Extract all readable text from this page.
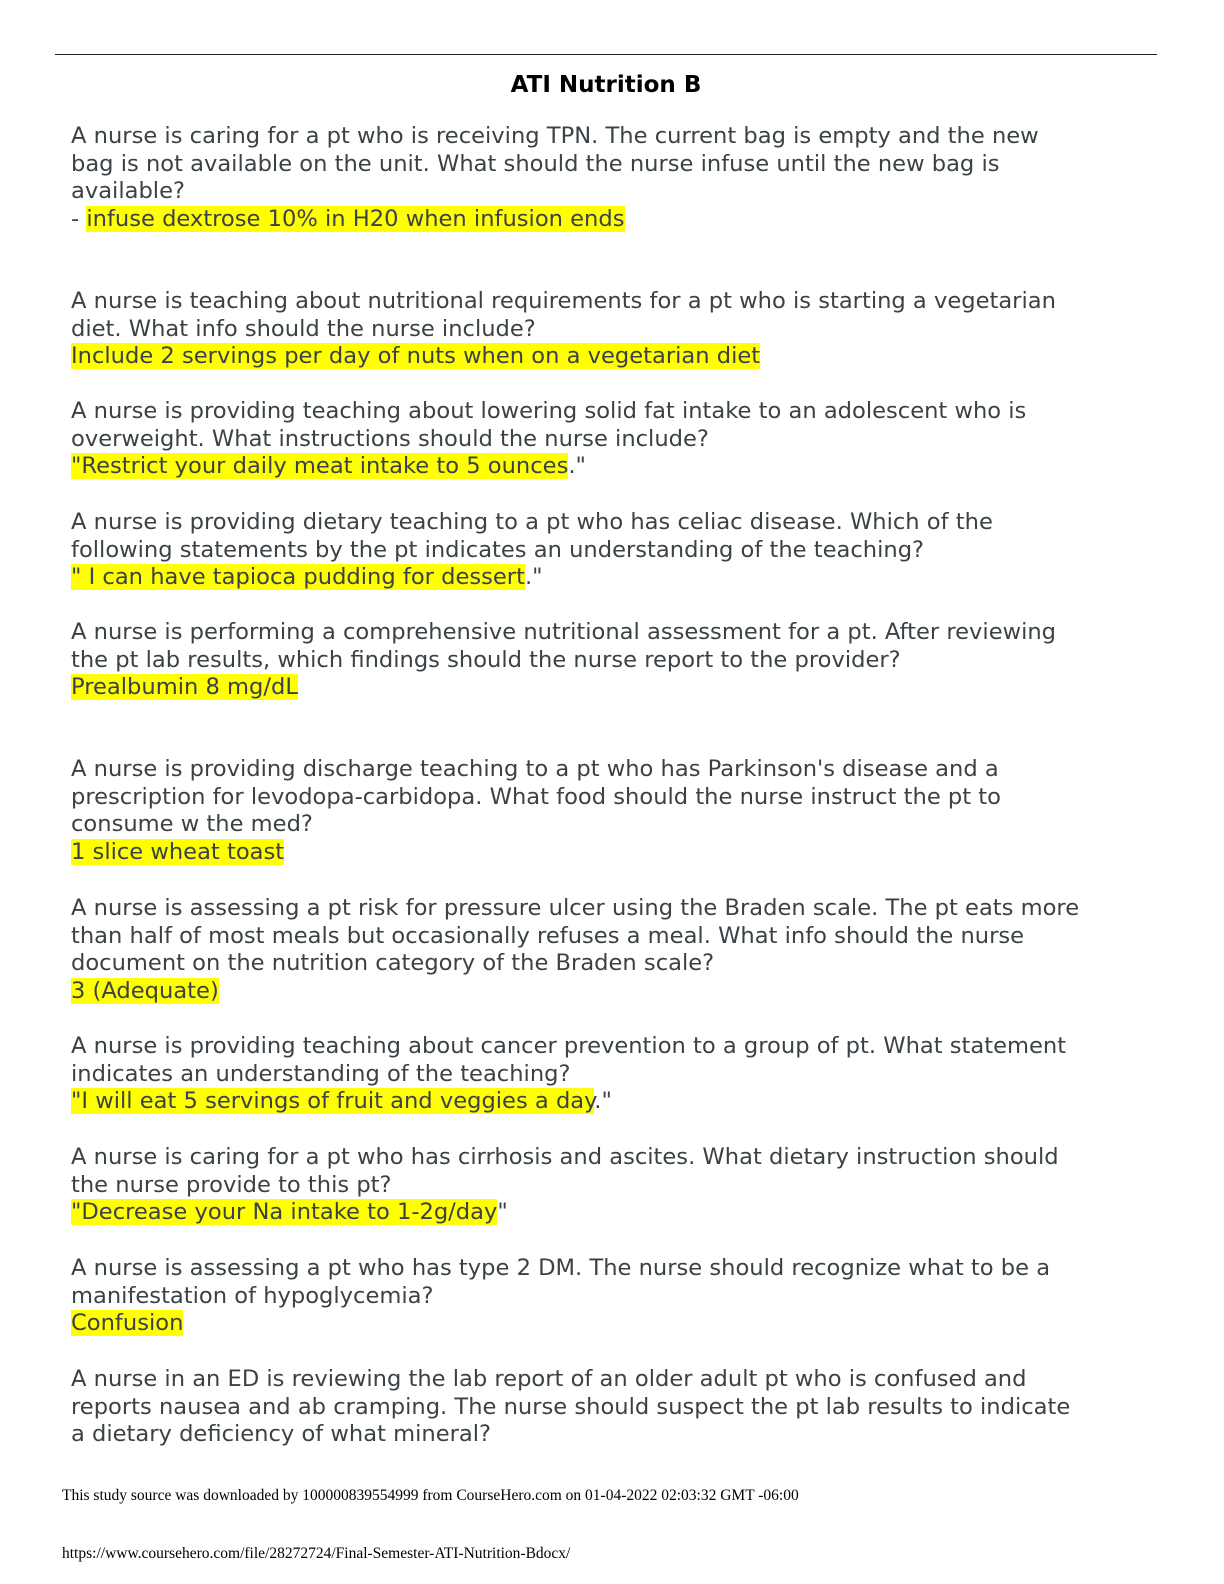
ATI Nutrition B
A nurse is caring for a pt who is receiving TPN. The current bag is empty and the new
bag is not available on the unit. What should the nurse infuse until the new bag is
available?
- infuse dextrose 10% in H20 when infusion ends
A nurse is teaching about nutritional requirements for a pt who is starting a vegetarian
diet. What info should the nurse include?
Include 2 servings per day of nuts when on a vegetarian diet
A nurse is providing teaching about lowering solid fat intake to an adolescent who is
overweight. What instructions should the nurse include?
"Restrict your daily meat intake to 5 ounces."
A nurse is providing dietary teaching to a pt who has celiac disease. Which of the
following statements by the pt indicates an understanding of the teaching?
" I can have tapioca pudding for dessert."
A nurse is performing a comprehensive nutritional assessment for a pt. After reviewing
the pt lab results, which findings should the nurse report to the provider?
Prealbumin 8 mg/dL
A nurse is providing discharge teaching to a pt who has Parkinson's disease and a
prescription for levodopa-carbidopa. What food should the nurse instruct the pt to
consume w the med?
1 slice wheat toast
A nurse is assessing a pt risk for pressure ulcer using the Braden scale. The pt eats more
than half of most meals but occasionally refuses a meal. What info should the nurse
document on the nutrition category of the Braden scale?
3 (Adequate)
A nurse is providing teaching about cancer prevention to a group of pt. What statement
indicates an understanding of the teaching?
"I will eat 5 servings of fruit and veggies a day."
A nurse is caring for a pt who has cirrhosis and ascites. What dietary instruction should
the nurse provide to this pt?
"Decrease your Na intake to 1-2g/day"
A nurse is assessing a pt who has type 2 DM. The nurse should recognize what to be a
manifestation of hypoglycemia?
Confusion
A nurse in an ED is reviewing the lab report of an older adult pt who is confused and
reports nausea and ab cramping. The nurse should suspect the pt lab results to indicate
a dietary deficiency of what mineral?
This study source was downloaded by 100000839554999 from CourseHero.com on 01-04-2022 02:03:32 GMT -06:00
https://www.coursehero.com/file/28272724/Final-Semester-ATI-Nutrition-Bdocx/
